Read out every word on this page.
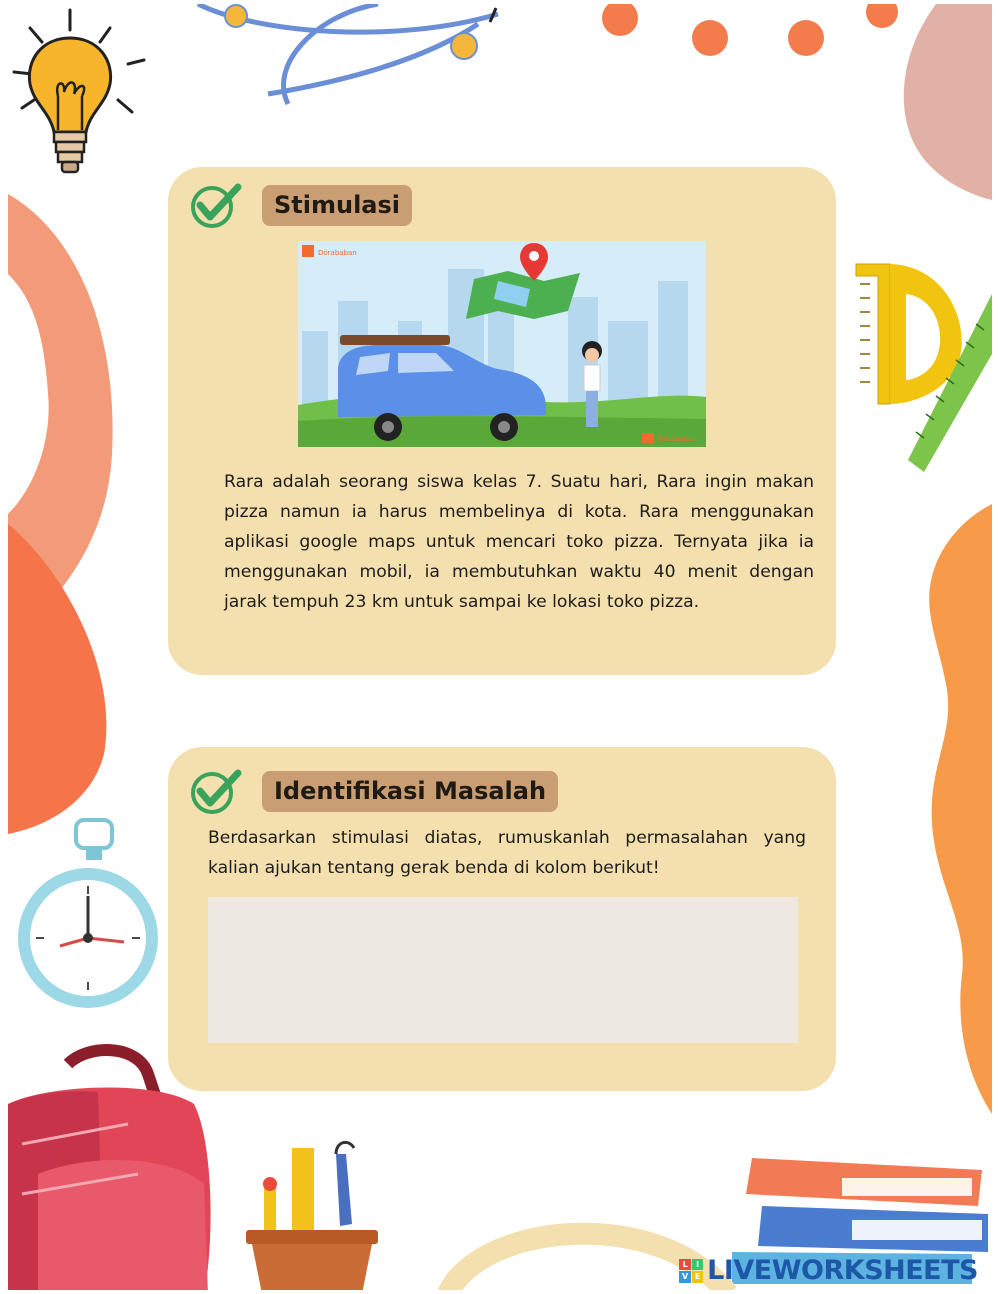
Stimulasi
Dorababan
Dorababan

Rara adalah seorang siswa kelas 7. Suatu hari, Rara ingin makan pizza namun ia harus membelinya di kota. Rara menggunakan aplikasi google maps untuk mencari toko pizza. Ternyata jika ia menggunakan mobil, ia membutuhkan waktu 40 menit dengan jarak tempuh 23 km untuk sampai ke lokasi toko pizza.

Identifikasi Masalah

Berdasarkan stimulasi diatas, rumuskanlah permasalahan yang kalian ajukan tentang gerak benda di kolom berikut!

L	I
V E LIVEWORKSHEETS
